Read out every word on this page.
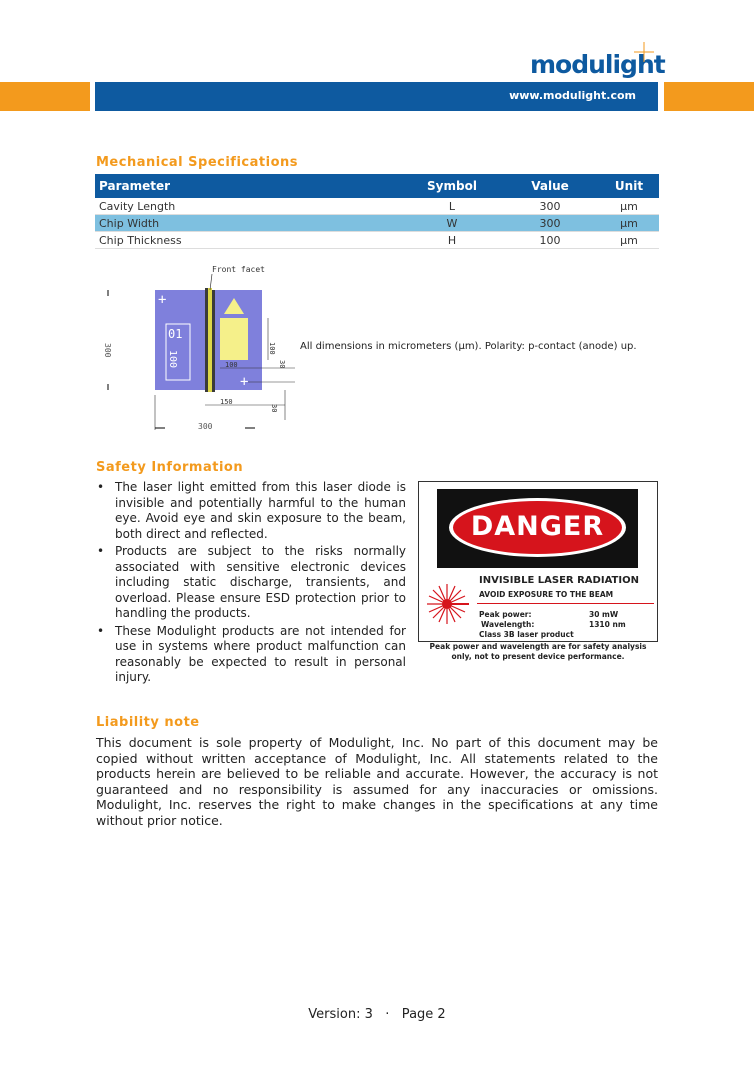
modulight
www.modulight.com
Mechanical Specifications
Parameter	Symbol	Value	Unit
Cavity Length	L	300	μm
Chip Width	W	300	μm
Chip Thickness	H	100	μm
300
+
+
01
100
Front facet
100
100	30
150
30
300
All dimensions in micrometers (µm). Polarity: p-contact (anode) up.
Safety Information
• The laser light emitted from this laser diode is invisible and potentially harmful to the human eye. Avoid eye and skin exposure to the beam, both direct and reflected.
• Products are subject to the risks normally associated with sensitive electronic devices including static discharge, transients, and overload. Please ensure ESD protection prior to handling the products.
• These Modulight products are not intended for use in systems where product malfunction can reasonably be expected to result in personal injury.
DANGER
INVISIBLE LASER RADIATION
AVOID EXPOSURE TO THE BEAM
Peak power:	30 mW
Wavelength:	1310 nm
Class 3B laser product
Peak power and wavelength are for safety analysis
only, not to present device performance.
Liability note
This document is sole property of Modulight, Inc. No part of this document may be copied without written acceptance of Modulight, Inc. All statements related to the products herein are believed to be reliable and accurate. However, the accuracy is not guaranteed and no responsibility is assumed for any inaccuracies or omissions. Modulight, Inc. reserves the right to make changes in the specifications at any time without prior notice.
Version: 3   ·   Page 2
